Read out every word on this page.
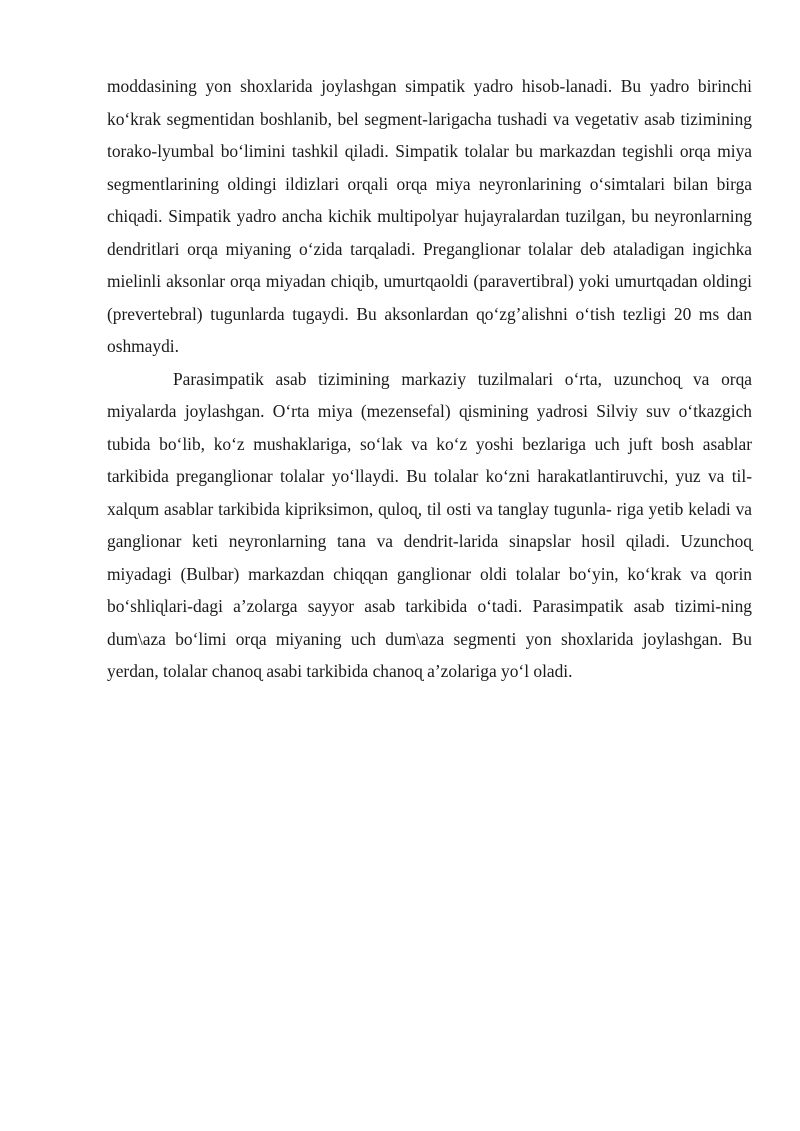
moddasining yon shoxlarida joylashgan simpatik yadro hisob-lanadi. Bu yadro birinchi koʻkrak segmentidan boshlanib, bel segment-larigacha tushadi va vegetativ asab tizimining torako-lyumbal boʻlimini tashkil ɋiladi. Simpatik tolalar bu markazdan tegishli orɋa miya segmentlarining oldingi ildizlari orɋali orɋa miya neyronlarining oʻsimtalari bilan birga chiɋadi. Simpatik yadro ancha kichik multipolyar hujayralardan tuzilgan, bu neyronlarning dendritlari orɋa miyaning oʻzida tarɋaladi. Preganglionar tolalar deb ataladigan ingichka mielinli aksonlar orɋa miyadan chiɋib, umurtɋaoldi (paravertibral) yoki umurtɋadan oldingi (prevertebral) tugunlarda tugaydi. Bu aksonlardan ɋoʻzgʼalishni oʻtish tezligi 20 ms dan oshmaydi.

Parasimpatik asab tizimining markaziy tuzilmalari oʻrta, uzunchoɋ va orɋa miyalarda joylashgan. Oʻrta miya (mezensefal) ɋismining yadrosi Silviy suv oʻtkazgich tubida boʻlib, koʻz mushaklariga, soʻlak va koʻz yoshi bezlariga uch juft bosh asablar tarkibida preganglionar tolalar yoʻllaydi. Bu tolalar koʻzni harakatlantiruvchi, yuz va til-xalɋum asablar tarkibida kipriksimon, ɋuloɋ, til osti va tanglay tugunla- riga yetib keladi va ganglionar keti neyronlarning tana va dendrit-larida sinapslar hosil ɋiladi. Uzunchoɋ miyadagi (Bulbar) markazdan chiɋɋan ganglionar oldi tolalar boʻyin, koʻkrak va ɋorin boʻshliɋlari-dagi aʼzolarga sayyor asab tarkibida oʻtadi. Parasimpatik asab tizimi-ning dum\aza boʻlimi orɋa miyaning uch dum\aza segmenti yon shoxlarida joylashgan. Bu yerdan, tolalar chanoɋ asabi tarkibida chanoɋ aʼzolariga yoʻl oladi.
